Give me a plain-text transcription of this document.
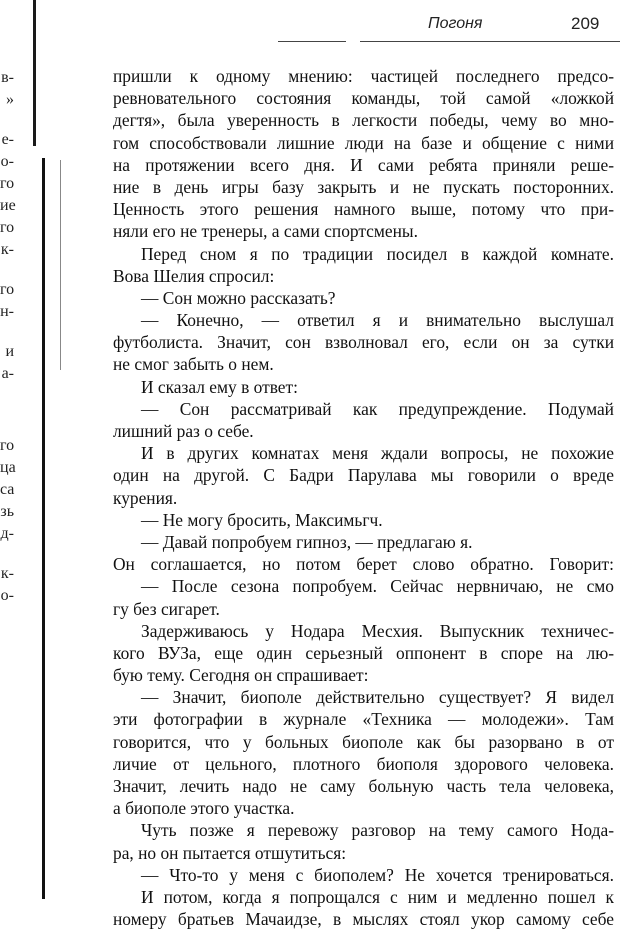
Погоня	209
в-
»
е-
о-
го
ие
го
к-
го
н-
и
а-
го
ца
са
зь
д-
к-
о-
пришли к одному мнению: частицей последнего предсо-
ревновательного состояния команды, той самой «ложкой
дегтя», была уверенность в легкости победы, чему во мно-
гом способствовали лишние люди на базе и общение с ними
на протяжении всего дня. И сами ребята приняли реше-
ние в день игры базу закрыть и не пускать посторонних.
Ценность этого решения намного выше, потому что при-
няли его не тренеры, а сами спортсмены.
Перед сном я по традиции посидел в каждой комнате.
Вова Шелия спросил:
— Сон можно рассказать?
— Конечно, — ответил я и внимательно выслушал
футболиста. Значит, сон взволновал его, если он за сутки
не смог забыть о нем.
И сказал ему в ответ:
— Сон рассматривай как предупреждение. Подумай
лишний раз о себе.
И в других комнатах меня ждали вопросы, не похожие
один на другой. С Бадри Парулава мы говорили о вреде
курения.
— Не могу бросить, Максимьгч.
— Давай попробуем гипноз, — предлагаю я.
Он соглашается, но потом берет слово обратно. Говорит:
— После сезона попробуем. Сейчас нервничаю, не смо
гу без сигарет.
Задерживаюсь у Нодара Месхия. Выпускник техничес-
кого ВУЗа, еще один серьезный оппонент в споре на лю-
бую тему. Сегодня он спрашивает:
— Значит, биополе действительно существует? Я видел
эти фотографии в журнале «Техника — молодежи». Там
говорится, что у больных биополе как бы разорвано в от
личие от цельного, плотного биополя здорового человека.
Значит, лечить надо не саму больную часть тела человека,
а биополе этого участка.
Чуть позже я перевожу разговор на тему самого Нода-
ра, но он пытается отшутиться:
— Что-то у меня с биополем? Не хочется тренироваться.
И потом, когда я попрощался с ним и медленно пошел к
номеру братьев Мачаидзе, в мыслях стоял укор самому себе
